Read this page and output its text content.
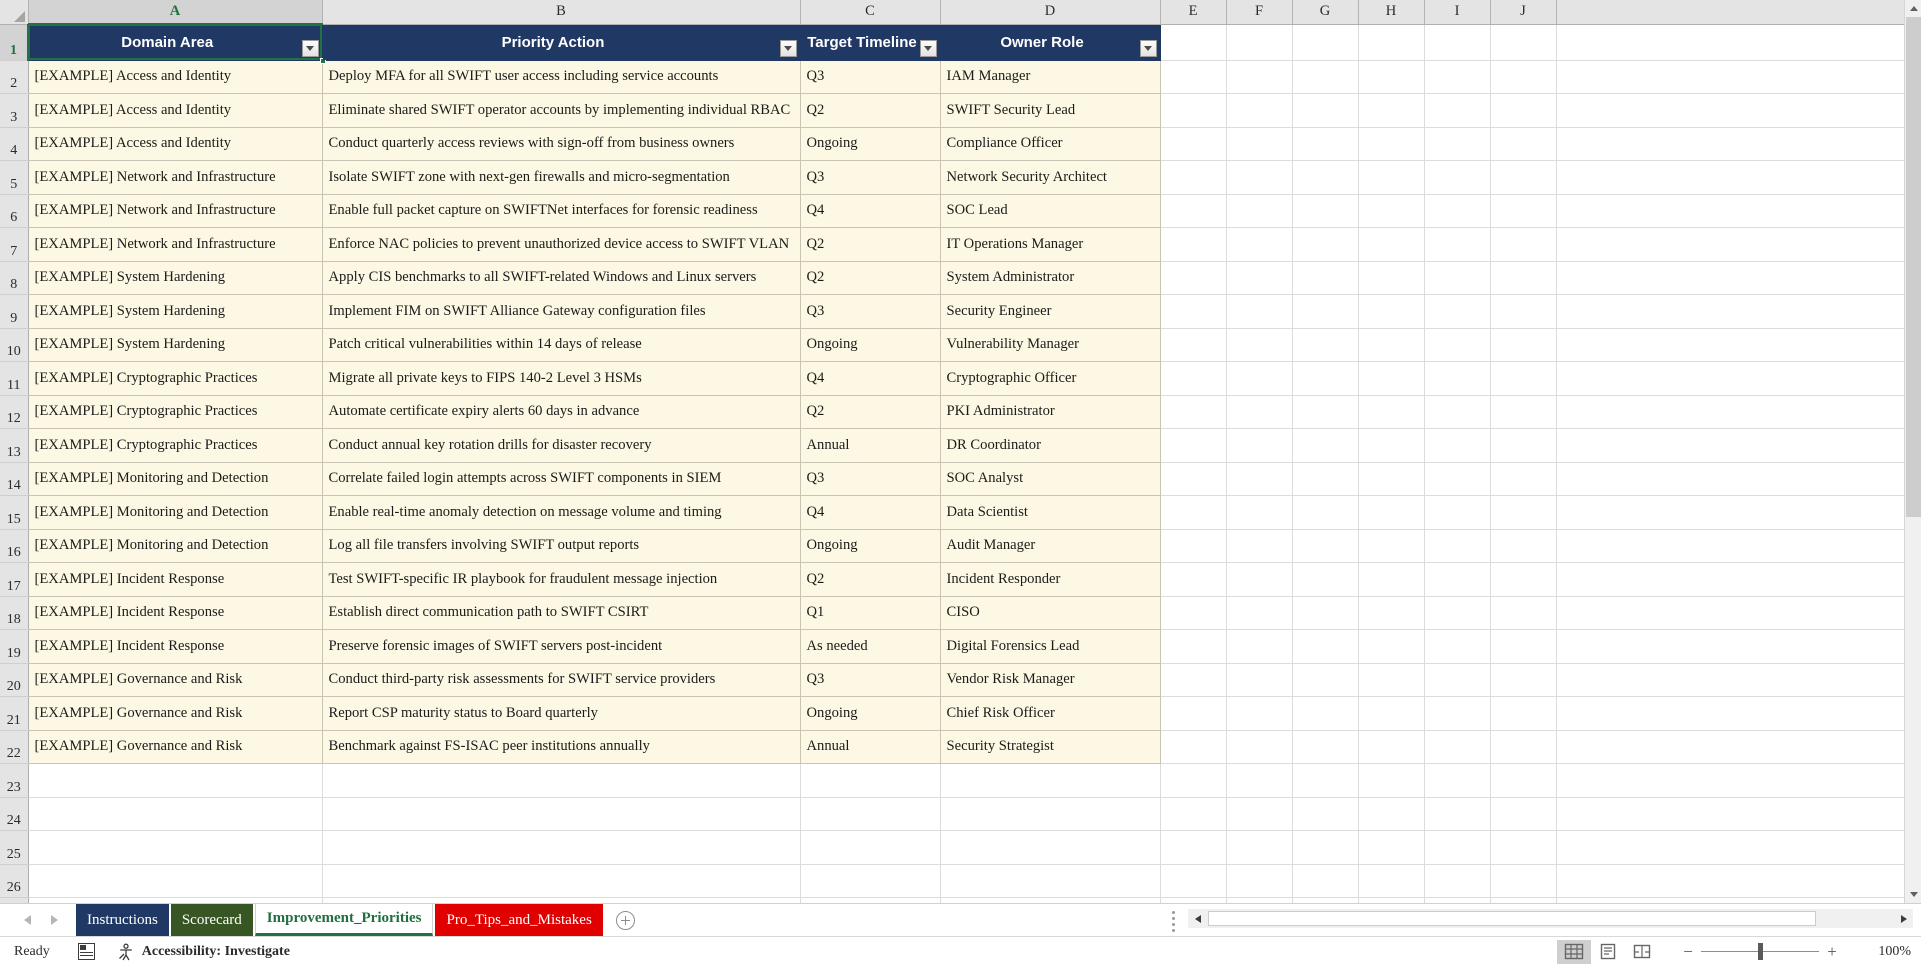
	A	B	C	D	E	F	G	H	I	J		
1	Domain Area	Priority Action	Target Timeline	Owner Role	

2	[EXAMPLE] Access and Identity	Deploy MFA for all SWIFT user access including service accounts	Q3	IAM Manager								
3	[EXAMPLE] Access and Identity	Eliminate shared SWIFT operator accounts by implementing individual RBAC	Q2	SWIFT Security Lead								
4	[EXAMPLE] Access and Identity	Conduct quarterly access reviews with sign-off from business owners	Ongoing	Compliance Officer								
5	[EXAMPLE] Network and Infrastructure	Isolate SWIFT zone with next-gen firewalls and micro-segmentation	Q3	Network Security Architect								
6	[EXAMPLE] Network and Infrastructure	Enable full packet capture on SWIFTNet interfaces for forensic readiness	Q4	SOC Lead								
7	[EXAMPLE] Network and Infrastructure	Enforce NAC policies to prevent unauthorized device access to SWIFT VLAN	Q2	IT Operations Manager								
8	[EXAMPLE] System Hardening	Apply CIS benchmarks to all SWIFT-related Windows and Linux servers	Q2	System Administrator								
9	[EXAMPLE] System Hardening	Implement FIM on SWIFT Alliance Gateway configuration files	Q3	Security Engineer								
10	[EXAMPLE] System Hardening	Patch critical vulnerabilities within 14 days of release	Ongoing	Vulnerability Manager								
11	[EXAMPLE] Cryptographic Practices	Migrate all private keys to FIPS 140-2 Level 3 HSMs	Q4	Cryptographic Officer								
12	[EXAMPLE] Cryptographic Practices	Automate certificate expiry alerts 60 days in advance	Q2	PKI Administrator								
13	[EXAMPLE] Cryptographic Practices	Conduct annual key rotation drills for disaster recovery	Annual	DR Coordinator								
14	[EXAMPLE] Monitoring and Detection	Correlate failed login attempts across SWIFT components in SIEM	Q3	SOC Analyst								
15	[EXAMPLE] Monitoring and Detection	Enable real-time anomaly detection on message volume and timing	Q4	Data Scientist								
16	[EXAMPLE] Monitoring and Detection	Log all file transfers involving SWIFT output reports	Ongoing	Audit Manager								
17	[EXAMPLE] Incident Response	Test SWIFT-specific IR playbook for fraudulent message injection	Q2	Incident Responder								
18	[EXAMPLE] Incident Response	Establish direct communication path to SWIFT CSIRT	Q1	CISO								
19	[EXAMPLE] Incident Response	Preserve forensic images of SWIFT servers post-incident	As needed	Digital Forensics Lead								
20	[EXAMPLE] Governance and Risk	Conduct third-party risk assessments for SWIFT service providers	Q3	Vendor Risk Manager								
21	[EXAMPLE] Governance and Risk	Report CSP maturity status to Board quarterly	Ongoing	Chief Risk Officer								
22	[EXAMPLE] Governance and Risk	Benchmark against FS-ISAC peer institutions annually	Annual	Security Strategist								
23												
24												
25												
26												

Instructions	Scorecard	Improvement_Priorities	Pro_Tips_and_Mistakes
Ready	Accessibility: Investigate	−	+	100%
